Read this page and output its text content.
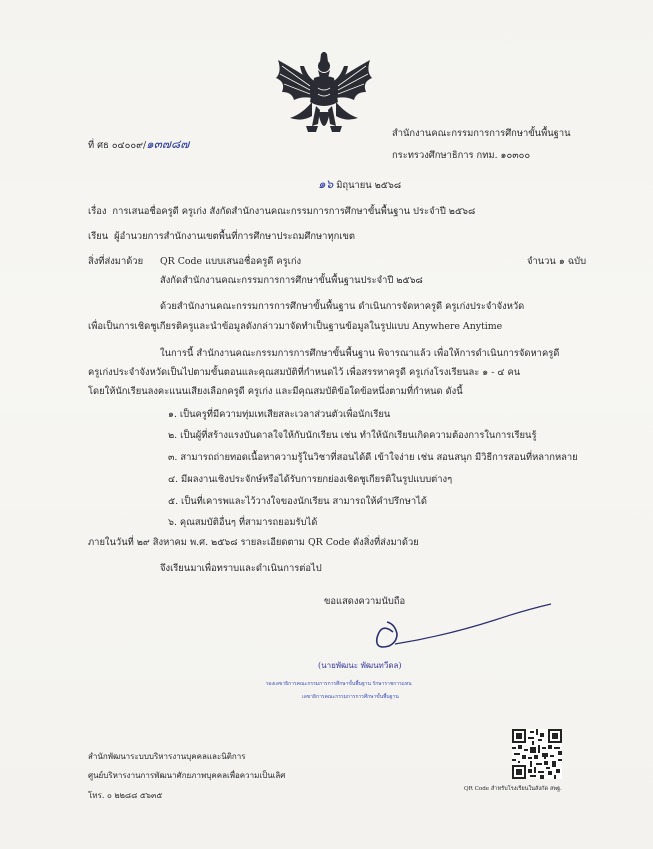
ที่ ศธ ๐๔๐๐๙/๑๓๗๘๗
สำนักงานคณะกรรมการการศึกษาขั้นพื้นฐาน
กระทรวงศึกษาธิการ กทม. ๑๐๓๐๐
๑๖ มิถุนายน ๒๕๖๘
เรื่อง การเสนอชื่อครูดี ครูเก่ง สังกัดสำนักงานคณะกรรมการการศึกษาขั้นพื้นฐาน ประจำปี ๒๕๖๘
เรียน ผู้อำนวยการสำนักงานเขตพื้นที่การศึกษาประถมศึกษาทุกเขต
สิ่งที่ส่งมาด้วย QR Code แบบเสนอชื่อครูดี ครูเก่ง	จำนวน ๑ ฉบับ
สังกัดสำนักงานคณะกรรมการการศึกษาขั้นพื้นฐานประจำปี ๒๕๖๘
ด้วยสำนักงานคณะกรรมการการศึกษาขั้นพื้นฐาน ดำเนินการจัดหาครูดี ครูเก่งประจำจังหวัด
เพื่อเป็นการเชิดชูเกียรติครูและนำข้อมูลดังกล่าวมาจัดทำเป็นฐานข้อมูลในรูปแบบ Anywhere Anytime
ในการนี้ สำนักงานคณะกรรมการการศึกษาขั้นพื้นฐาน พิจารณาแล้ว เพื่อให้การดำเนินการจัดหาครูดี
ครูเก่งประจำจังหวัดเป็นไปตามขั้นตอนและคุณสมบัติที่กำหนดไว้ เพื่อสรรหาครูดี ครูเก่งโรงเรียนละ ๑ - ๔ คน
โดยให้นักเรียนลงคะแนนเสียงเลือกครูดี ครูเก่ง และมีคุณสมบัติข้อใดข้อหนึ่งตามที่กำหนด ดังนี้
๑. เป็นครูที่มีความทุ่มเทเสียสละเวลาส่วนตัวเพื่อนักเรียน
๒. เป็นผู้ที่สร้างแรงบันดาลใจให้กับนักเรียน เช่น ทำให้นักเรียนเกิดความต้องการในการเรียนรู้
๓. สามารถถ่ายทอดเนื้อหาความรู้ในวิชาที่สอนได้ดี เข้าใจง่าย เช่น สอนสนุก มีวิธีการสอนที่หลากหลาย
๔. มีผลงานเชิงประจักษ์หรือได้รับการยกย่องเชิดชูเกียรติในรูปแบบต่างๆ
๕. เป็นที่เคารพและไว้วางใจของนักเรียน สามารถให้คำปรึกษาได้
๖. คุณสมบัติอื่นๆ ที่สามารถยอมรับได้
ภายในวันที่ ๒๙ สิงหาคม พ.ศ. ๒๕๖๘ รายละเอียดตาม QR Code ดังสิ่งที่ส่งมาด้วย
จึงเรียนมาเพื่อทราบและดำเนินการต่อไป
ขอแสดงความนับถือ
(นายพัฒนะ พัฒนทวีดล)
รองเลขาธิการคณะกรรมการการศึกษาขั้นพื้นฐาน รักษาราชการแทน
เลขาธิการคณะกรรมการการศึกษาขั้นพื้นฐาน
สำนักพัฒนาระบบบริหารงานบุคคลและนิติการ
ศูนย์บริหารงานการพัฒนาศักยภาพบุคคลเพื่อความเป็นเลิศ
โทร. ๐ ๒๒๘๘ ๕๖๓๕
QR Code สำหรับโรงเรียนในสังกัด สพฐ.
